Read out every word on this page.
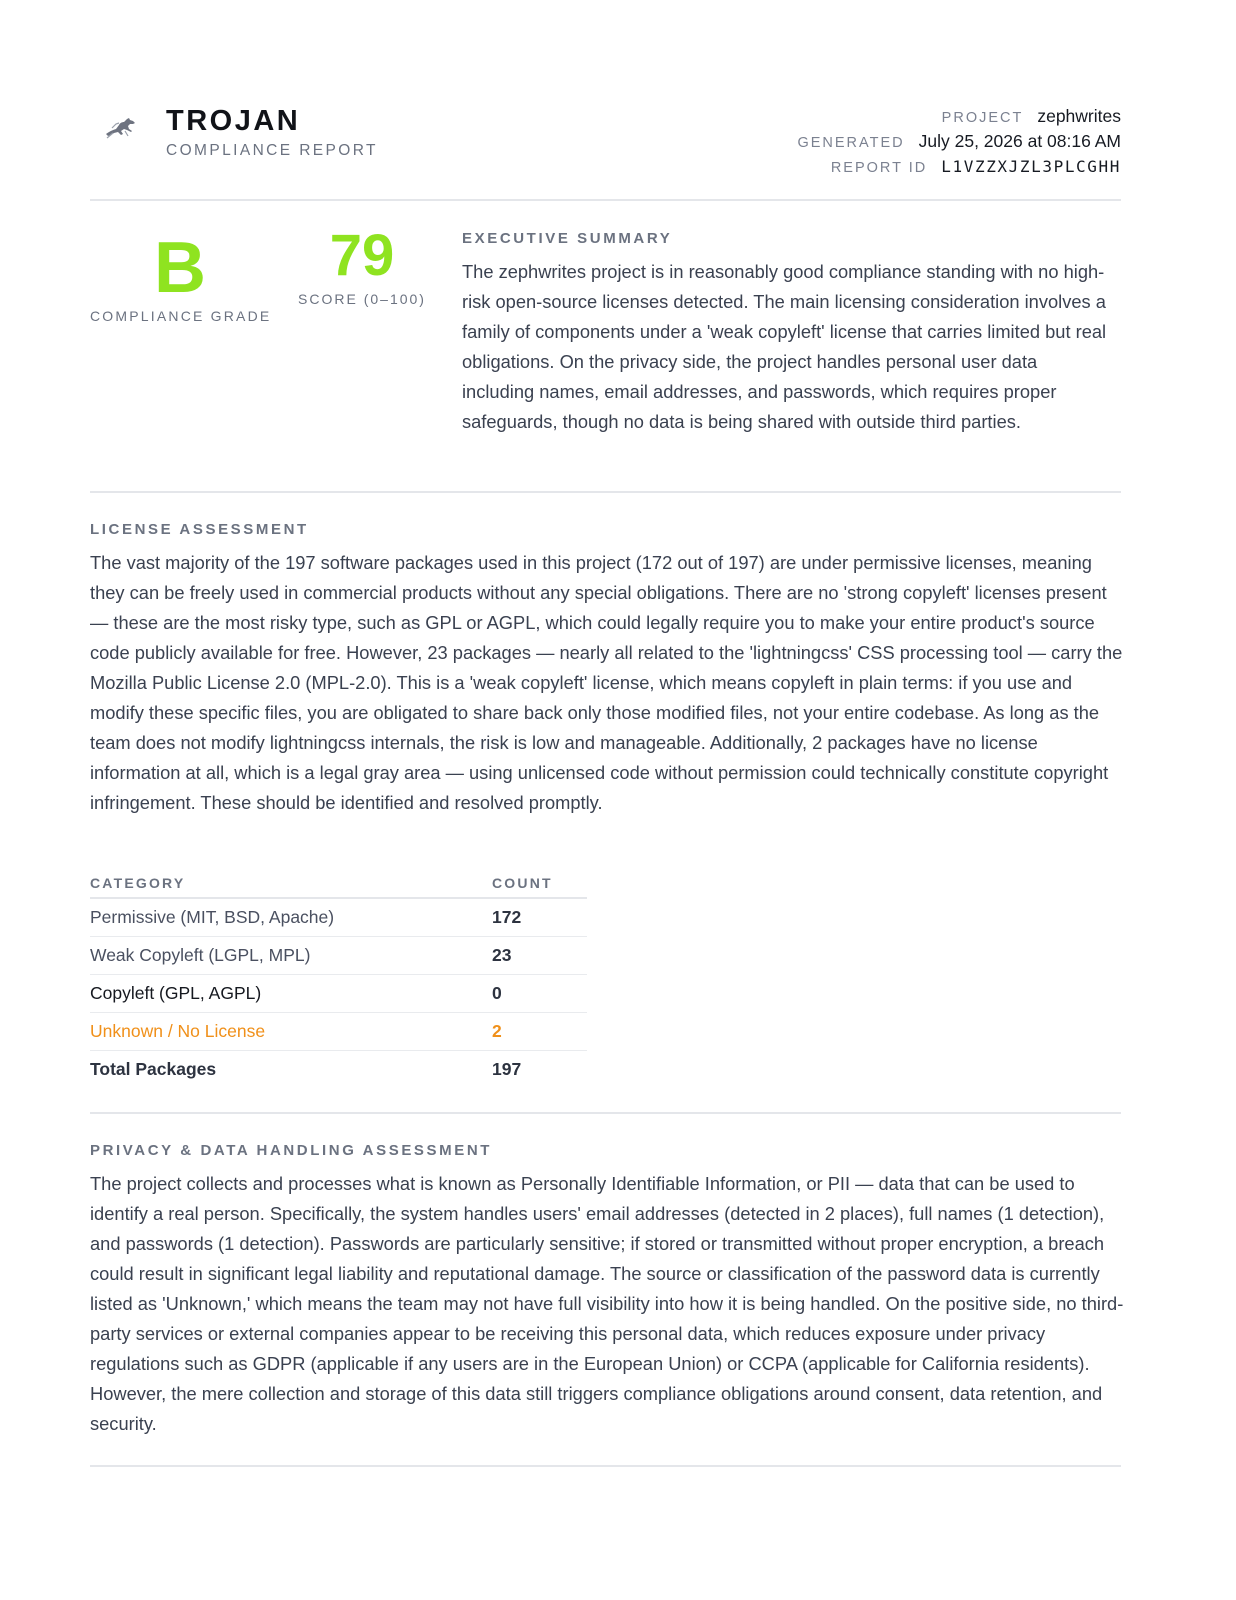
TROJAN
COMPLIANCE REPORT
PROJECT zephwrites
GENERATED July 25, 2026 at 08:16 AM
REPORT ID L1VZZXJZL3PLCGHH
B
COMPLIANCE GRADE
79
SCORE (0–100)
EXECUTIVE SUMMARY
The zephwrites project is in reasonably good compliance standing with no high-risk open-source licenses detected. The main licensing consideration involves a family of components under a 'weak copyleft' license that carries limited but real obligations. On the privacy side, the project handles personal user data including names, email addresses, and passwords, which requires proper safeguards, though no data is being shared with outside third parties.
LICENSE ASSESSMENT
The vast majority of the 197 software packages used in this project (172 out of 197) are under permissive licenses, meaning they can be freely used in commercial products without any special obligations. There are no 'strong copyleft' licenses present — these are the most risky type, such as GPL or AGPL, which could legally require you to make your entire product's source code publicly available for free. However, 23 packages — nearly all related to the 'lightningcss' CSS processing tool — carry the Mozilla Public License 2.0 (MPL-2.0). This is a 'weak copyleft' license, which means copyleft in plain terms: if you use and modify these specific files, you are obligated to share back only those modified files, not your entire codebase. As long as the team does not modify lightningcss internals, the risk is low and manageable. Additionally, 2 packages have no license information at all, which is a legal gray area — using unlicensed code without permission could technically constitute copyright infringement. These should be identified and resolved promptly.
CATEGORY	COUNT
Permissive (MIT, BSD, Apache)	172
Weak Copyleft (LGPL, MPL)	23
Copyleft (GPL, AGPL)	0
Unknown / No License	2
Total Packages	197
PRIVACY & DATA HANDLING ASSESSMENT
The project collects and processes what is known as Personally Identifiable Information, or PII — data that can be used to identify a real person. Specifically, the system handles users' email addresses (detected in 2 places), full names (1 detection), and passwords (1 detection). Passwords are particularly sensitive; if stored or transmitted without proper encryption, a breach could result in significant legal liability and reputational damage. The source or classification of the password data is currently listed as 'Unknown,' which means the team may not have full visibility into how it is being handled. On the positive side, no third-party services or external companies appear to be receiving this personal data, which reduces exposure under privacy regulations such as GDPR (applicable if any users are in the European Union) or CCPA (applicable for California residents). However, the mere collection and storage of this data still triggers compliance obligations around consent, data retention, and security.
